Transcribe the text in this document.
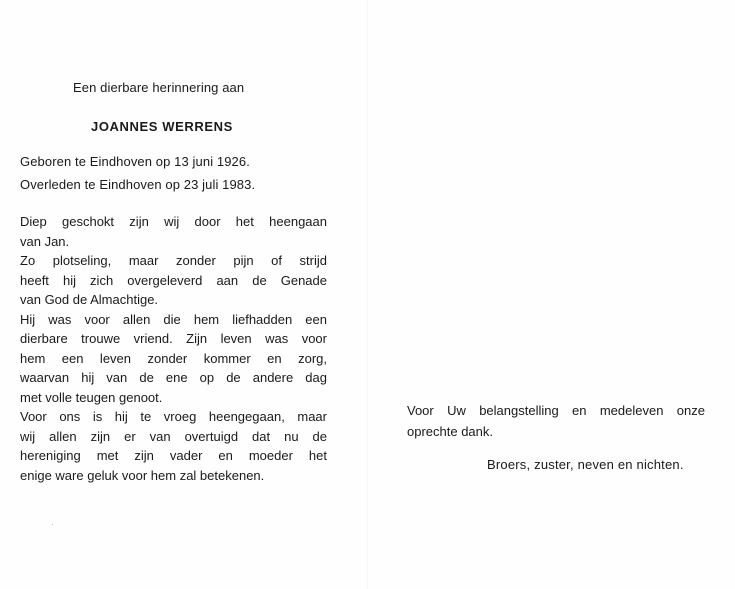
Een dierbare herinnering aan
JOANNES WERRENS
Geboren te Eindhoven op 13 juni 1926.
Overleden te Eindhoven op 23 juli 1983.
Diep geschokt zijn wij door het heengaan
van Jan.
Zo plotseling, maar zonder pijn of strijd
heeft hij zich overgeleverd aan de Genade
van God de Almachtige.
Hij was voor allen die hem liefhadden een
dierbare trouwe vriend. Zijn leven was voor
hem een leven zonder kommer en zorg,
waarvan hij van de ene op de andere dag
met volle teugen genoot.
Voor ons is hij te vroeg heengegaan, maar
wij allen zijn er van overtuigd dat nu de
hereniging met zijn vader en moeder het
enige ware geluk voor hem zal betekenen.
Voor Uw belangstelling en medeleven onze
oprechte dank.
Broers, zuster, neven en nichten.
